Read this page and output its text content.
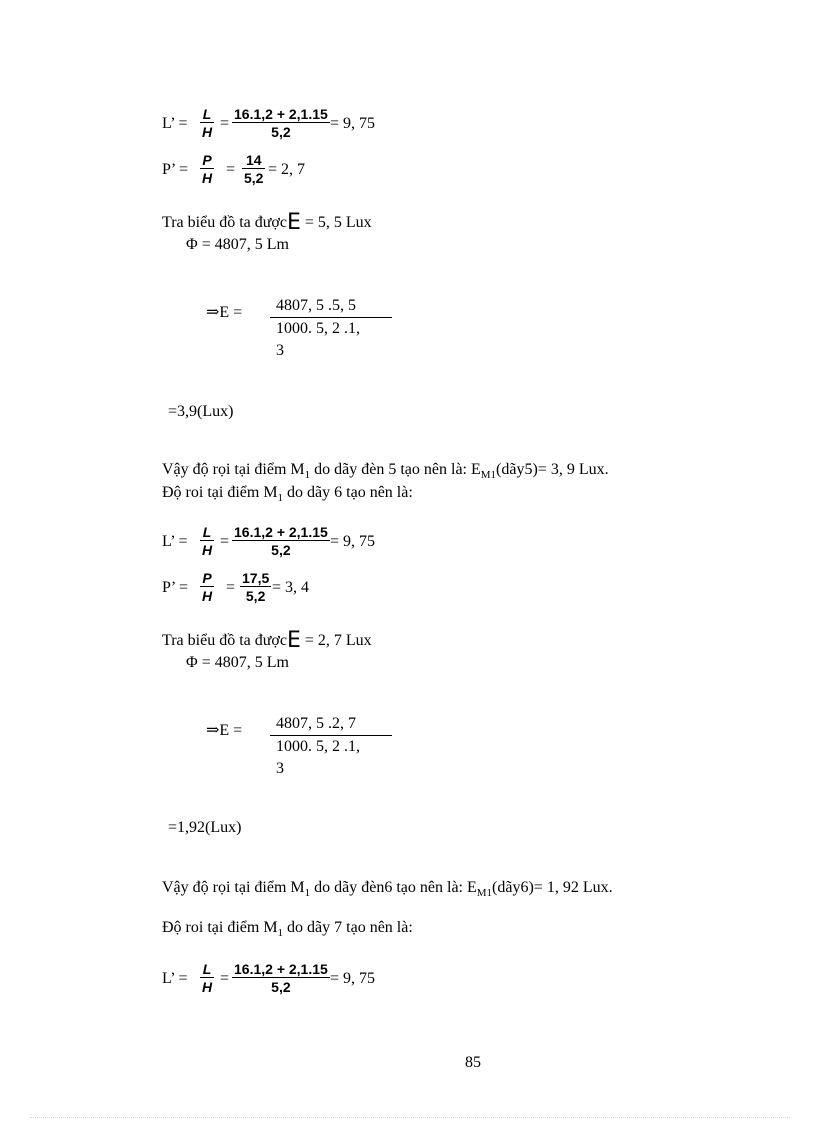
L’ = $\frac{L}{H} = \frac{16.1,2 + 2,1.15}{5,2} = 9$, 75
P’ = $\frac{P}{H} = \frac{14}{5,2} = 2$, 7
Tra biểu đồ ta đượcE = 5, 5 Lux
Φ = 4807, 5 Lm
⇒E = 4807, 5 .5, 5
1000. 5, 2 .1,
3
=3,9(Lux)
Vậy độ rọi tại điểm $M_1$ do dãy đèn 5 tạo nên là: $E_{M1}(dãy5)= 3$, 9 Lux.
Độ roi tại điểm $M_1$ do dãy 6 tạo nên là:
L’ = $\frac{L}{H} = \frac{16.1,2 + 2,1.15}{5,2} = 9$, 75
P’ = $\frac{P}{H} = \frac{17,5}{5,2} = 3$, 4
Tra biểu đồ ta đượcE = 2, 7 Lux
Φ = 4807, 5 Lm
⇒E = 4807, 5 .2, 7
1000. 5, 2 .1,
3
=1,92(Lux)
Vậy độ rọi tại điểm $M_1$ do dãy đèn6 tạo nên là: $E_{M1}(dãy6)= 1$, 92 Lux.
Độ roi tại điểm $M_1$ do dãy 7 tạo nên là:
L’ = $\frac{L}{H} = \frac{16.1,2 + 2,1.15}{5,2} = 9$, 75
85
